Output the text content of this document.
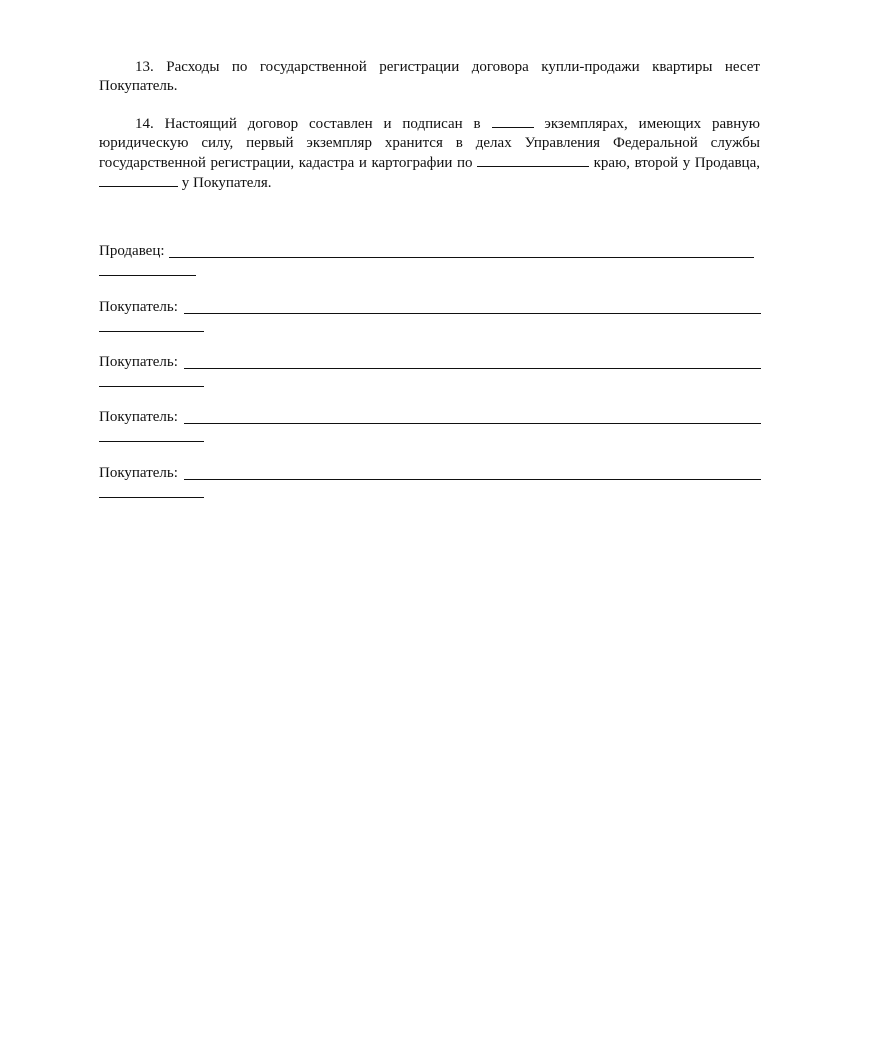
13. Расходы по государственной регистрации договора купли-продажи квартиры несет Покупатель.

14. Настоящий договор составлен и подписан в	экземплярах, имеющих равную юридическую силу, первый экземпляр хранится в делах Управления Федеральной службы государственной регистрации, кадастра и картографии по	краю, второй у Продавца,  у Покупателя.

Продавец:
Покупатель:
Покупатель:
Покупатель:
Покупатель:
